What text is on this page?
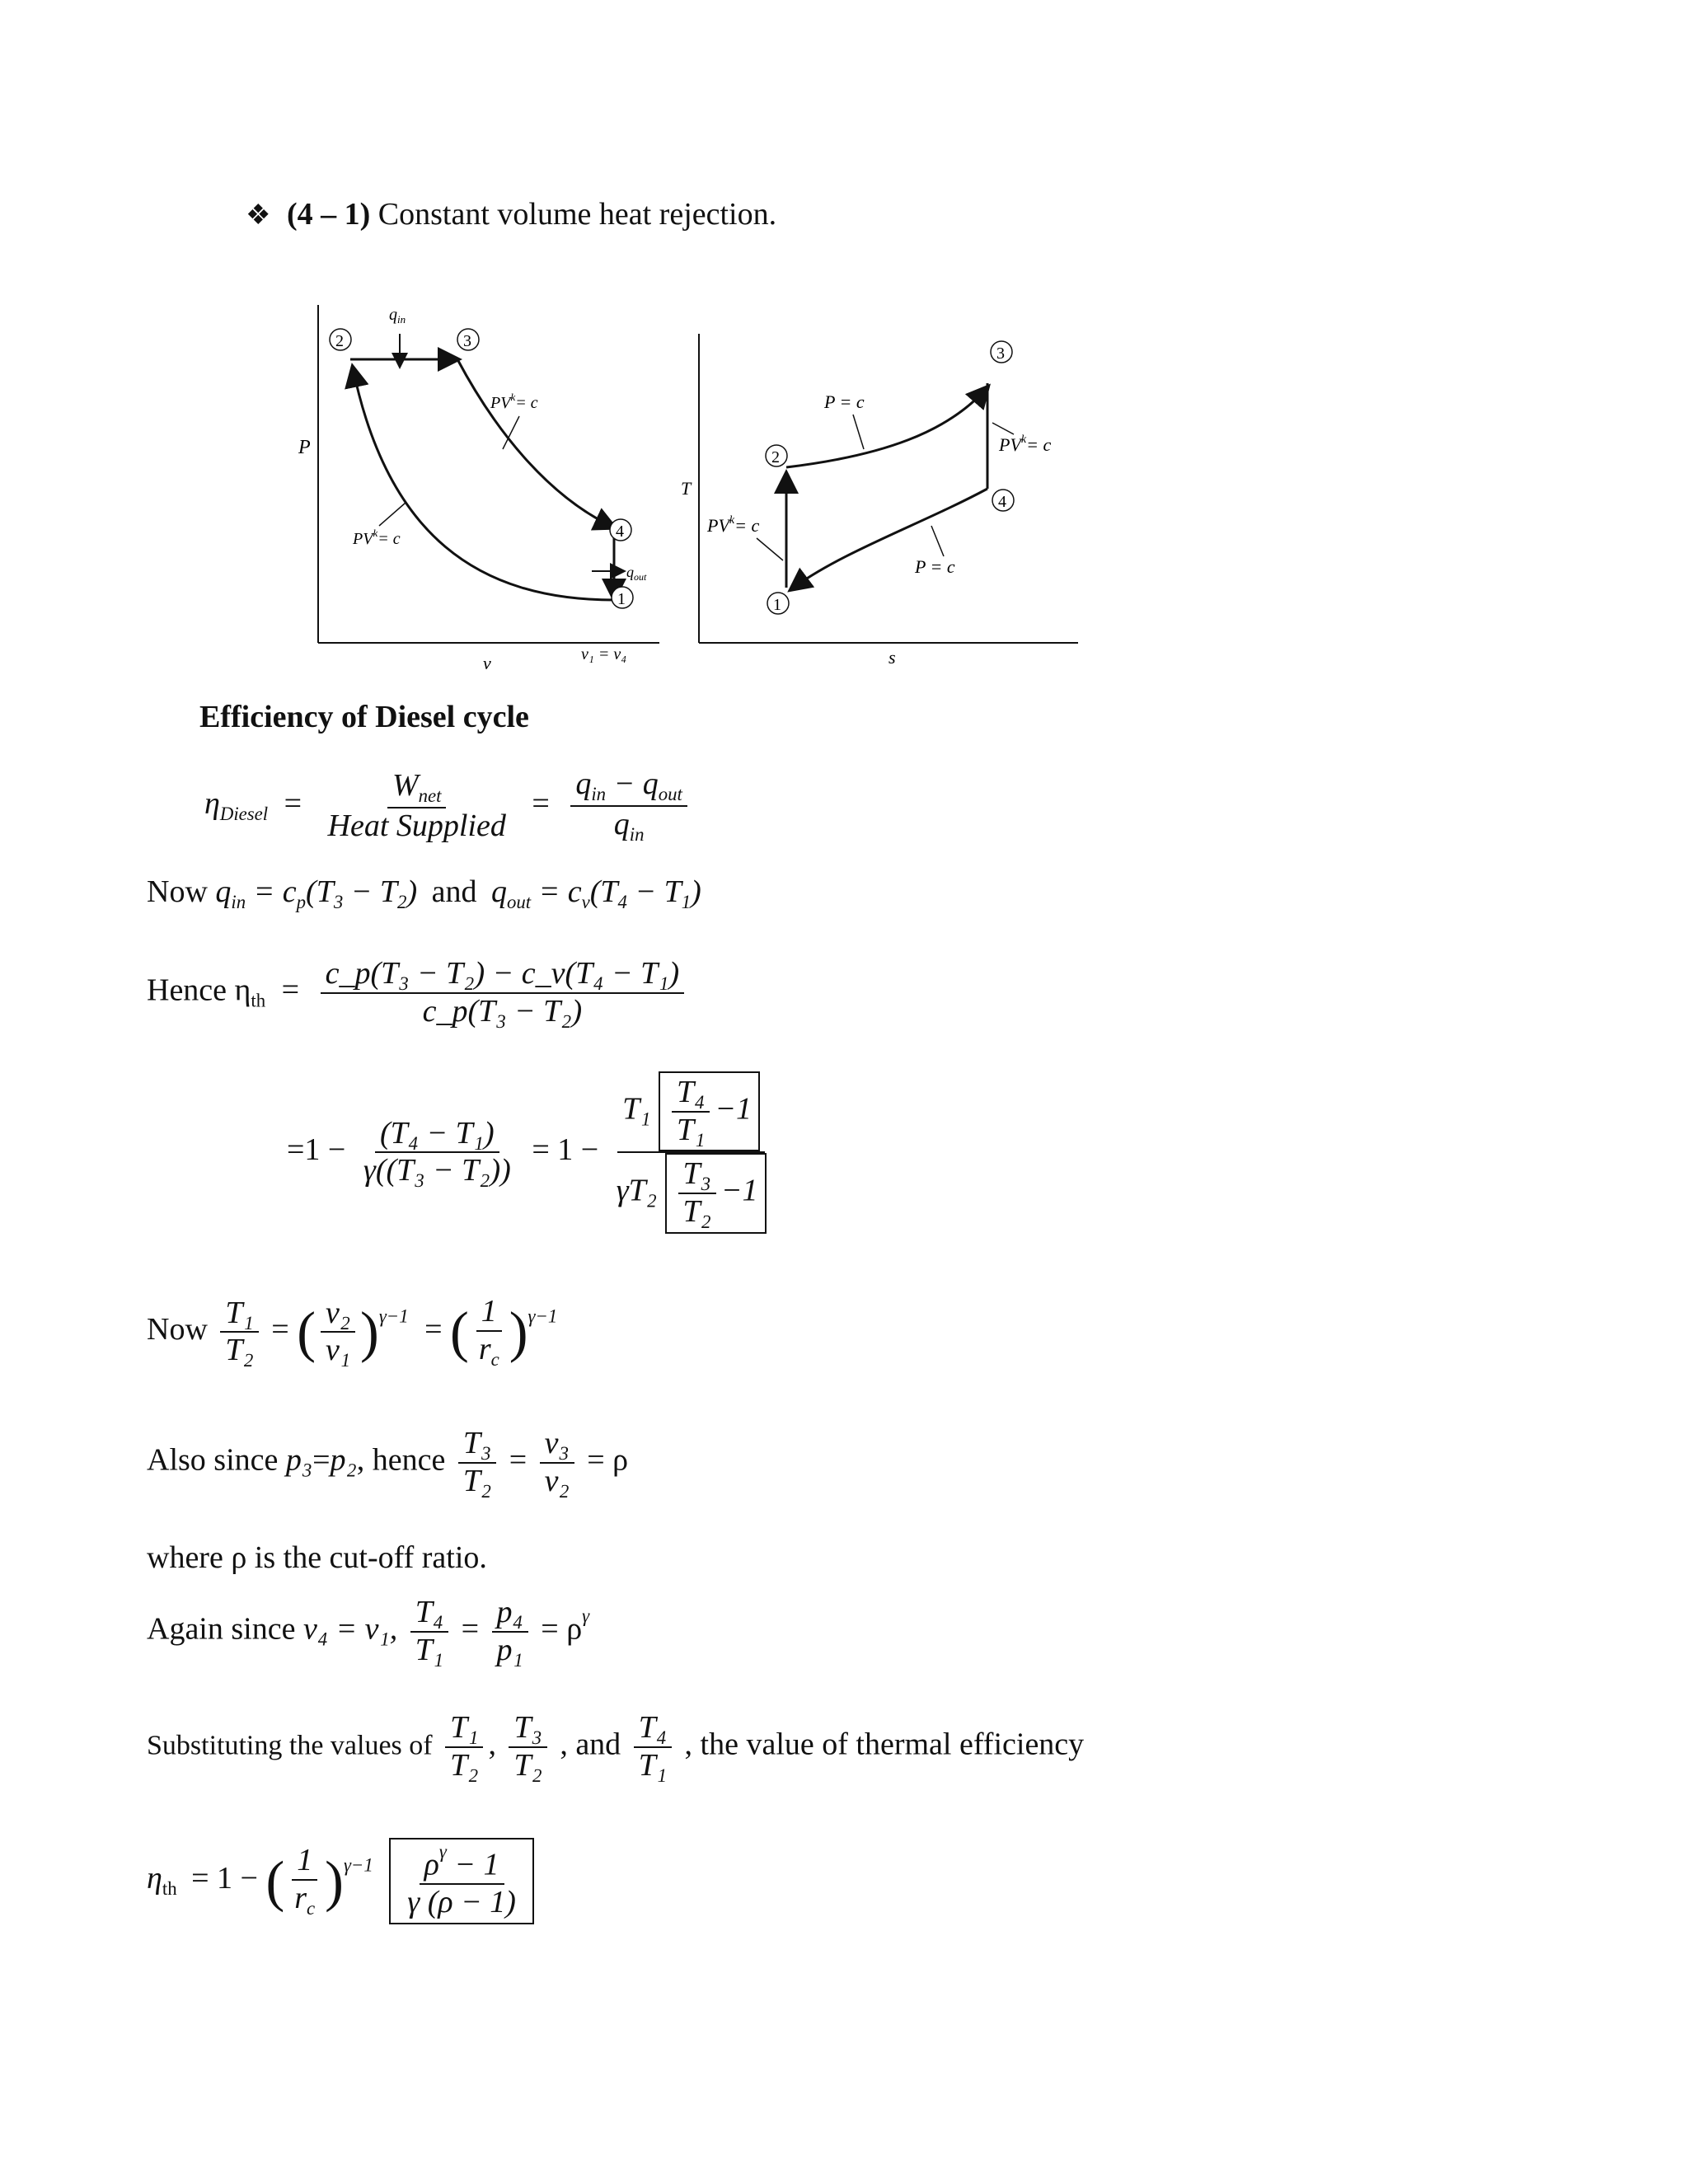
❖ (4 – 1) Constant volume heat rejection.
P
v	v₁ = v₄
$q_{in}$
$q_{out}$
2	3
4
1
$PV^k= c$
$PV^k= c$
T
s
2
3
4
1
P = c
P = c
$PV^k= c$
$PV^k= c$
Efficiency of Diesel cycle
$\eta_{Diesel} = \frac{W_{net}}{\text{Heat Supplied}} = \frac{q_{in} - q_{out}}{q_{in}}$
Now $q_{in} = c_p(T_3 - T_2)$ and $q_{out} = c_v(T_4 - T_1)$
Hence $\eta_{th} = \frac{\text{c\_p(T₃ − T₂) − c\_v(T₄ − T₁)}}{\text{c\_p(T₃ − T₂)}}$
$=1 - \frac{\text{(T₄ − T₁)}}{\text{γ((T₃ − T₂))}} = 1 - \frac{T_1 \frac{\text{T₄}}{\text{T₁}} -1}{\gamma T_2 \frac{\text{T₃}}{\text{T₂}} -1}$
Now $\frac{\text{T₁}}{\text{T₂}}$ = ( $\frac{\text{v₂}}{\text{v₁}} )^{\gamma-1}$ = ( $\frac{1}{r_c} )^{\gamma-1}$
Also since p₃=p₂, hence $\frac{\text{T₃}}{\text{T₂}} = \frac{\text{v₃}}{\text{v₂}} = \rho$
where ρ is the cut-off ratio.
Again since v₄ = v₁, $\frac{\text{T₄}}{\text{T₁}} = \frac{\text{p₄}}{\text{p₁}} = \rho^\gamma$
Substituting the values of $\frac{\text{T₁}}{\text{T₂}}$ , $\frac{\text{T₃}}{\text{T₂}}$ , and $\frac{\text{T₄}}{\text{T₁}}$ , the value of thermal efficiency
$\eta_{th} = 1$ − ( $\frac{1}{r_c} )^{\gamma-1} \frac{\rho^\gamma - 1}{\gamma (\rho - 1)}$
